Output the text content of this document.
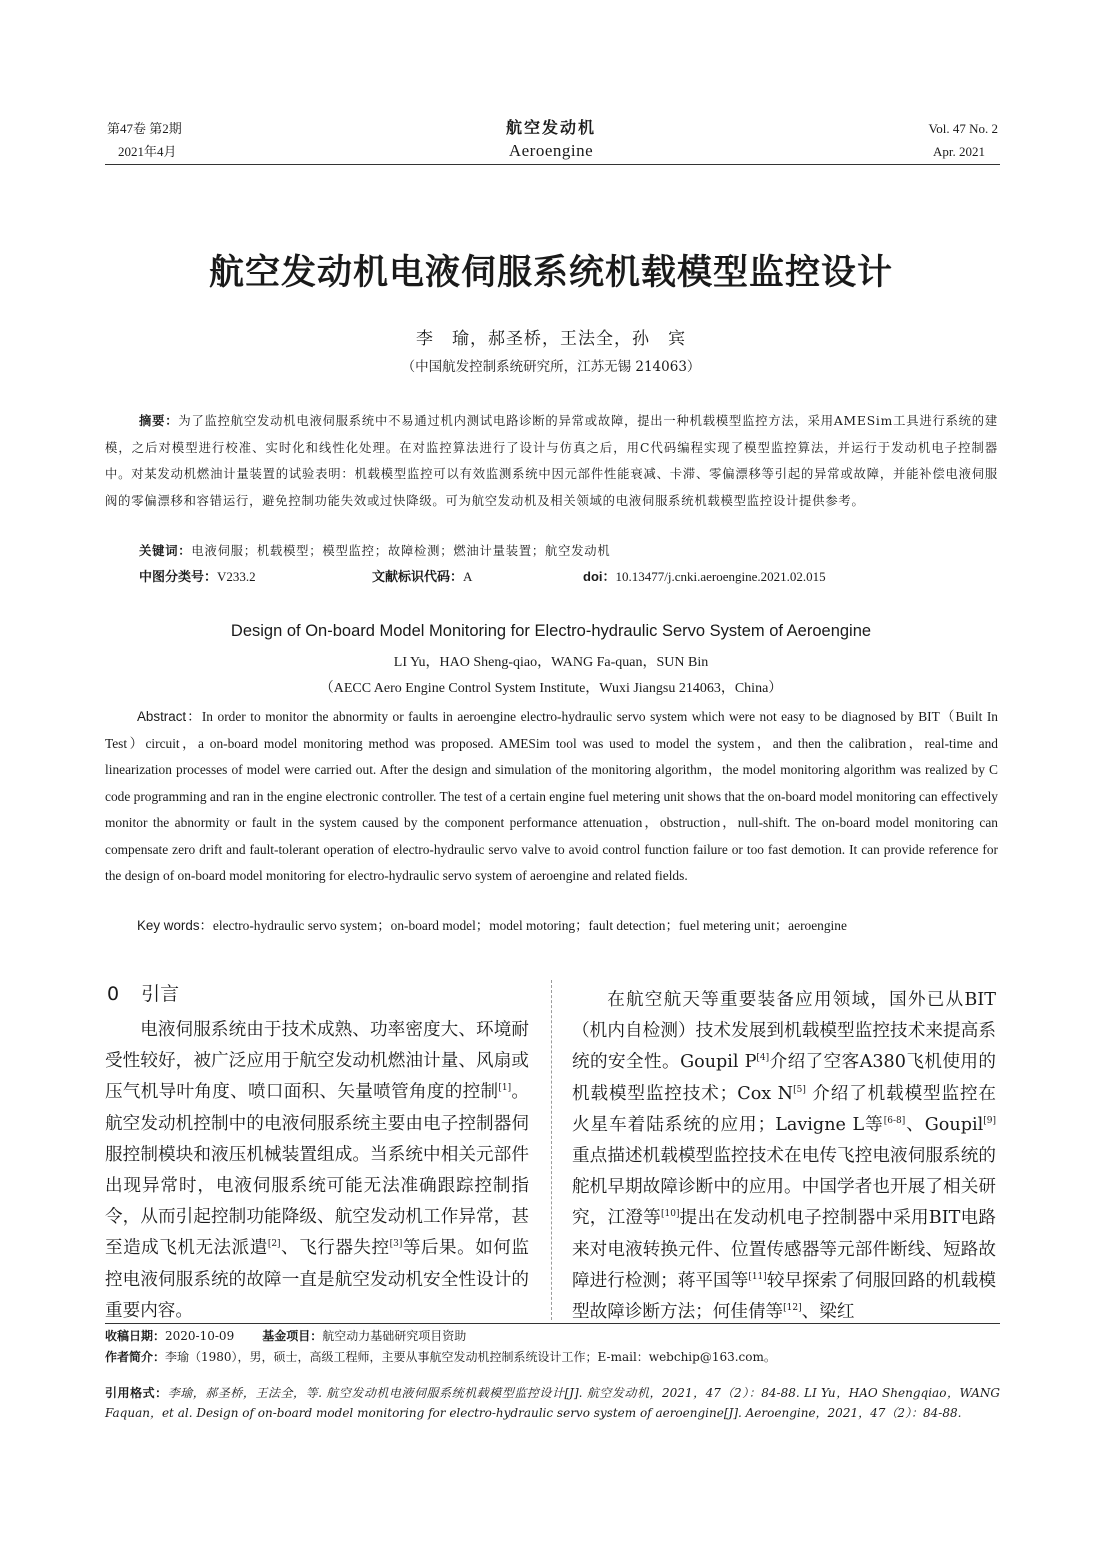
第47卷 第2期
2021年4月
航空发动机
Aeroengine
Vol. 47 No. 2
Apr. 2021
航空发动机电液伺服系统机载模型监控设计
李　瑜，郝圣桥，王法全，孙　宾
（中国航发控制系统研究所，江苏无锡 214063）
摘要：为了监控航空发动机电液伺服系统中不易通过机内测试电路诊断的异常或故障，提出一种机载模型监控方法，采用AMESim工具进行系统的建模，之后对模型进行校准、实时化和线性化处理。在对监控算法进行了设计与仿真之后，用C代码编程实现了模型监控算法，并运行于发动机电子控制器中。对某发动机燃油计量装置的试验表明：机载模型监控可以有效监测系统中因元部件性能衰减、卡滞、零偏漂移等引起的异常或故障，并能补偿电液伺服阀的零偏漂移和容错运行，避免控制功能失效或过快降级。可为航空发动机及相关领域的电液伺服系统机载模型监控设计提供参考。
关键词：电液伺服；机载模型；模型监控；故障检测；燃油计量装置；航空发动机
中图分类号：V233.2	文献标识代码：A	doi：10.13477/j.cnki.aeroengine.2021.02.015
Design of On-board Model Monitoring for Electro-hydraulic Servo System of Aeroengine
LI Yu，HAO Sheng-qiao，WANG Fa-quan，SUN Bin
（AECC Aero Engine Control System Institute，Wuxi Jiangsu 214063，China）
Abstract：In order to monitor the abnormity or faults in aeroengine electro-hydraulic servo system which were not easy to be diagnosed by BIT（Built In Test）circuit，a on-board model monitoring method was proposed. AMESim tool was used to model the system，and then the calibration，real-time and linearization processes of model were carried out. After the design and simulation of the monitoring algorithm，the model monitoring algorithm was realized by C code programming and ran in the engine electronic controller. The test of a certain engine fuel metering unit shows that the on-board model monitoring can effectively monitor the abnormity or fault in the system caused by the component performance attenuation，obstruction，null-shift. The on-board model monitoring can compensate zero drift and fault-tolerant operation of electro-hydraulic servo valve to avoid control function failure or too fast demotion. It can provide reference for the design of on-board model monitoring for electro-hydraulic servo system of aeroengine and related fields.
Key words：electro-hydraulic servo system；on-board model；model motoring；fault detection；fuel metering unit；aeroengine
0 引言

电液伺服系统由于技术成熟、功率密度大、环境耐受性较好，被广泛应用于航空发动机燃油计量、风扇或压气机导叶角度、喷口面积、矢量喷管角度的控制[1]。航空发动机控制中的电液伺服系统主要由电子控制器伺服控制模块和液压机械装置组成。当系统中相关元部件出现异常时，电液伺服系统可能无法准确跟踪控制指令，从而引起控制功能降级、航空发动机工作异常，甚至造成飞机无法派遣[2]、飞行器失控[3]等后果。如何监控电液伺服系统的故障一直是航空发动机安全性设计的重要内容。

在航空航天等重要装备应用领域，国外已从BIT（机内自检测）技术发展到机载模型监控技术来提高系统的安全性。Goupil P[4]介绍了空客A380飞机使用的机载模型监控技术；Cox N[5] 介绍了机载模型监控在火星车着陆系统的应用；Lavigne L等[6-8]、Goupil[9]重点描述机载模型监控技术在电传飞控电液伺服系统的舵机早期故障诊断中的应用。中国学者也开展了相关研究，江澄等[10]提出在发动机电子控制器中采用BIT电路来对电液转换元件、位置传感器等元部件断线、短路故障进行检测；蒋平国等[11]较早探索了伺服回路的机载模型故障诊断方法；何佳倩等[12]、梁红

收稿日期：2020-10-09 基金项目：航空动力基础研究项目资助
作者简介：李瑜（1980），男，硕士，高级工程师，主要从事航空发动机控制系统设计工作；E-mail：webchip@163.com。
引用格式：李瑜，郝圣桥，王法全，等. 航空发动机电液伺服系统机载模型监控设计[J]. 航空发动机，2021，47（2）：84-88. LI Yu，HAO Shengqiao，WANG Faquan，et al. Design of on-board model monitoring for electro-hydraulic servo system of aeroengine[J]. Aeroengine，2021，47（2）：84-88.
